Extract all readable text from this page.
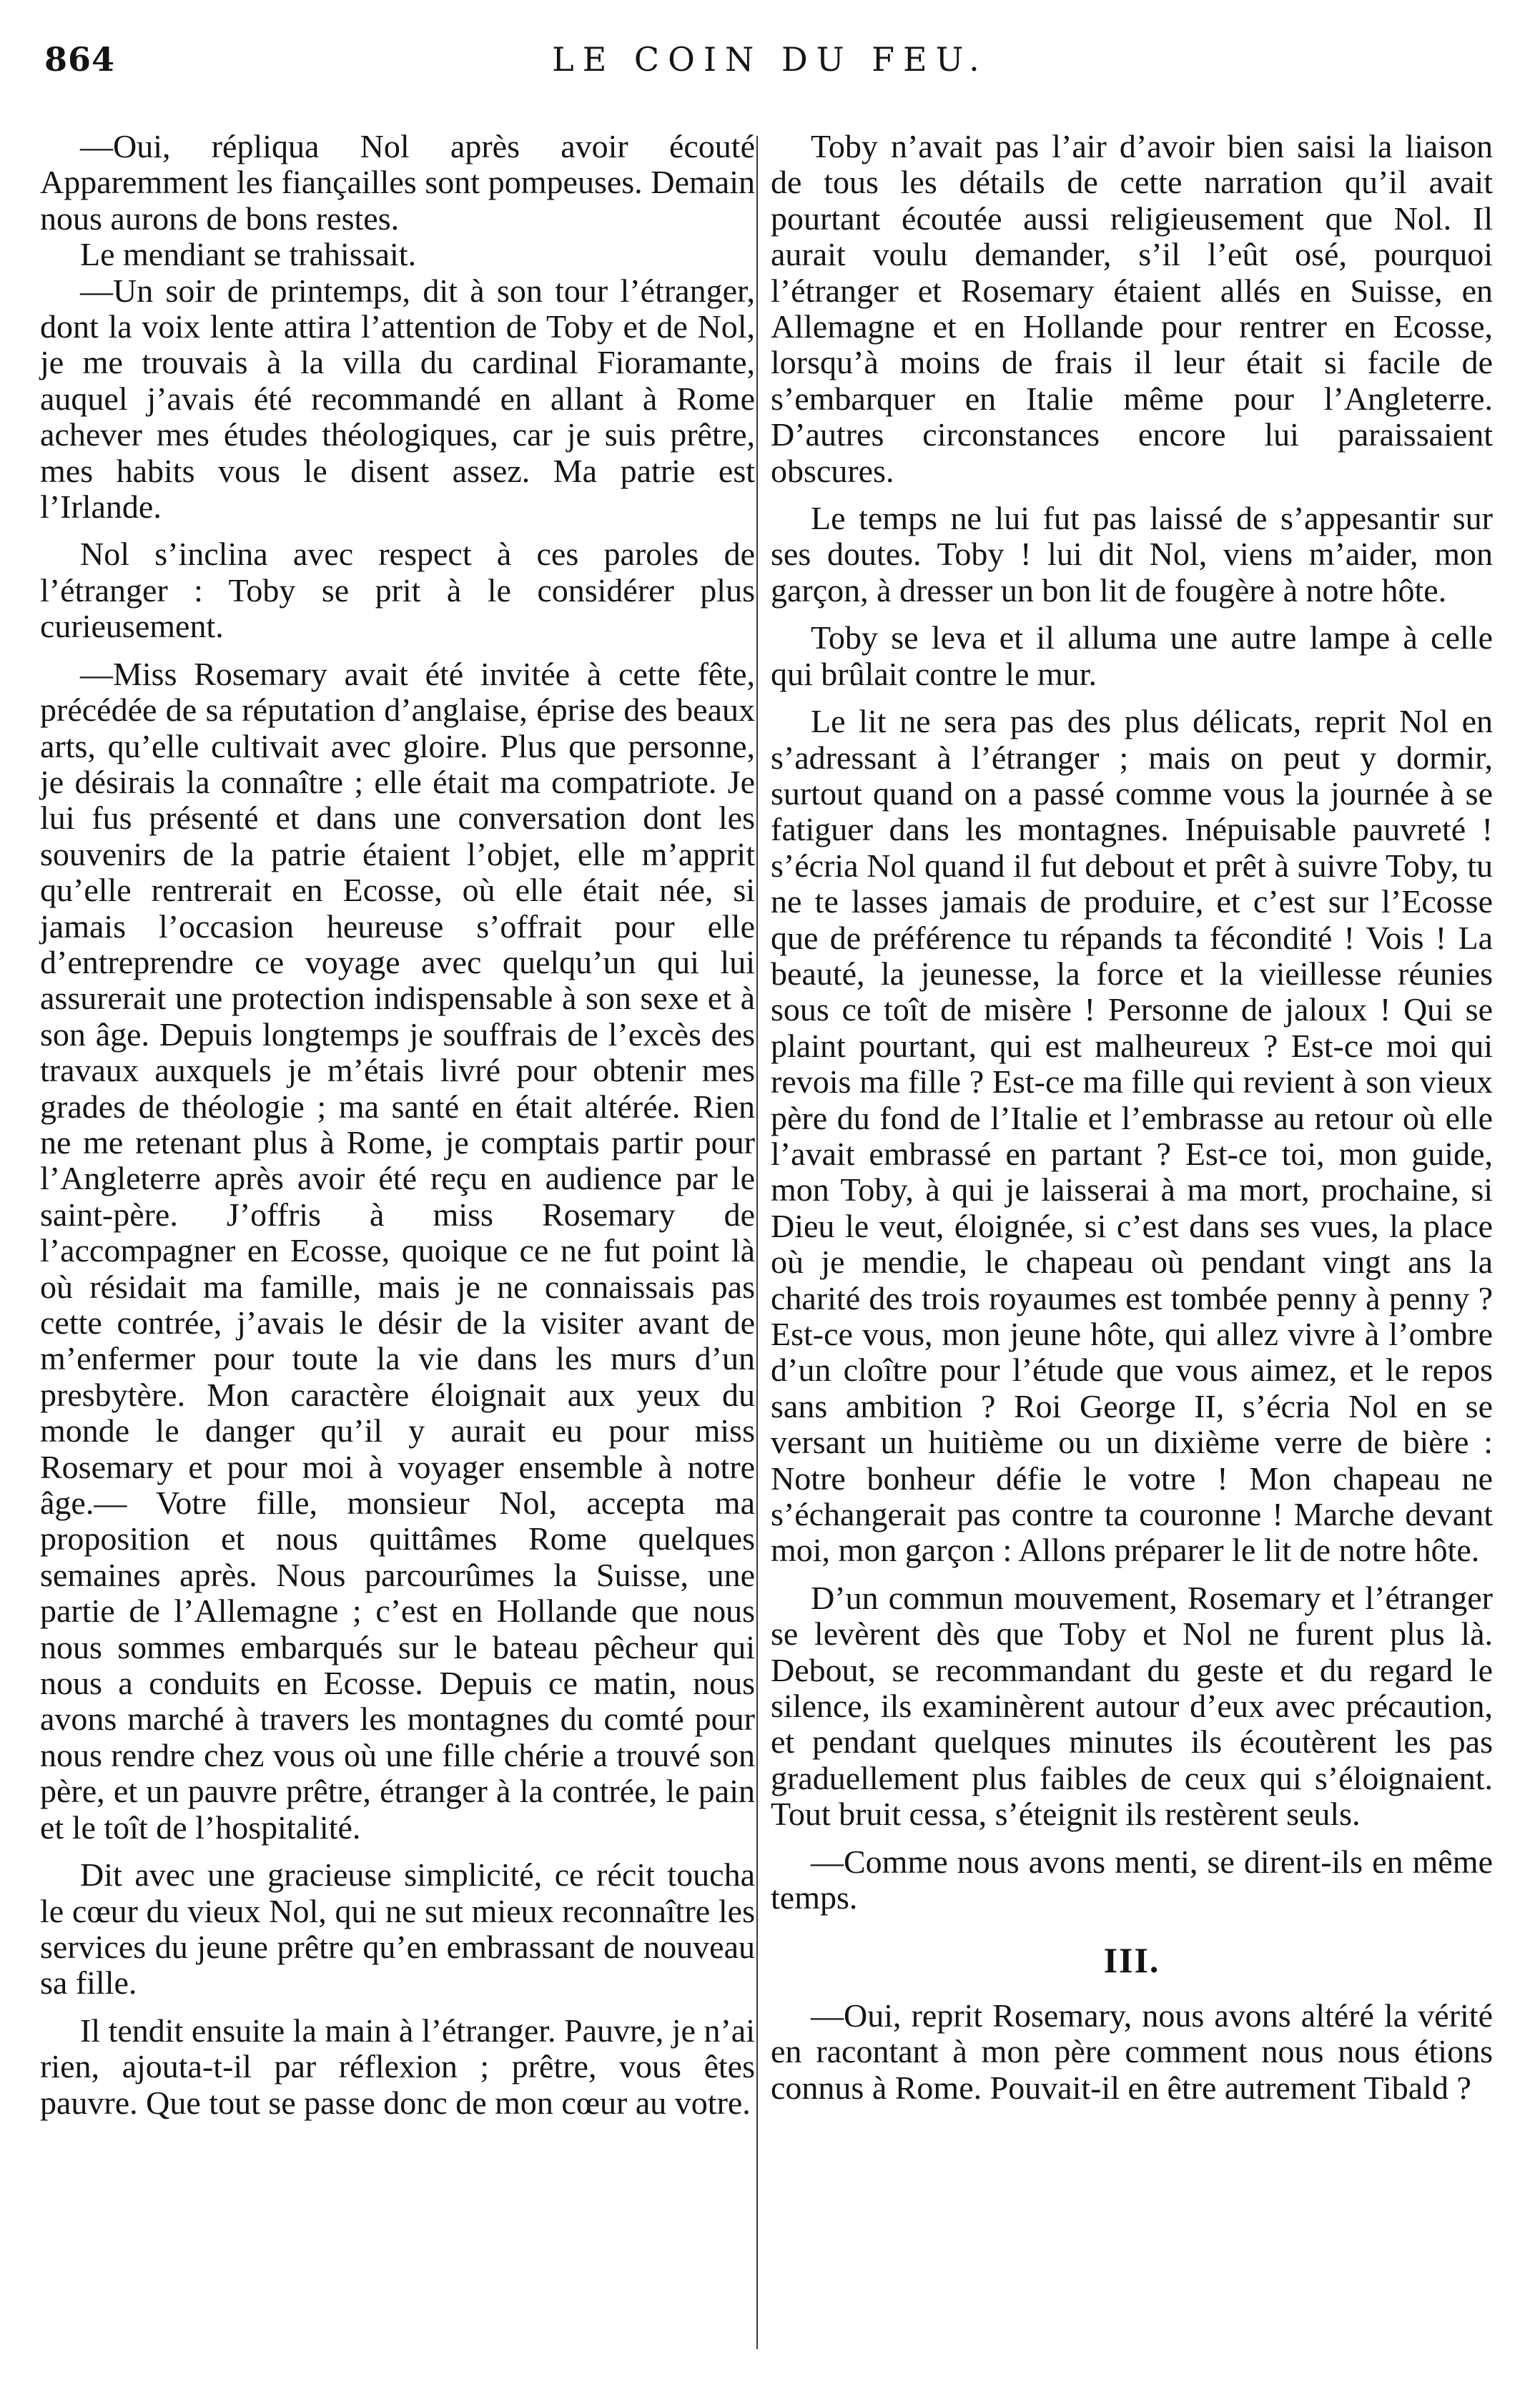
864	LE COIN DU FEU.

—Oui, répliqua Nol après avoir écouté Apparemment les fiançailles sont pompeuses. Demain nous aurons de bons restes.

Le mendiant se trahissait.

—Un soir de printemps, dit à son tour l’étranger, dont la voix lente attira l’attention de Toby et de Nol, je me trouvais à la villa du cardinal Fioramante, auquel j’avais été recommandé en allant à Rome achever mes études théologiques, car je suis prêtre, mes habits vous le disent assez. Ma patrie est l’Irlande.

Nol s’inclina avec respect à ces paroles de l’étranger : Toby se prit à le considérer plus curieusement.

—Miss Rosemary avait été invitée à cette fête, précédée de sa réputation d’anglaise, éprise des beaux arts, qu’elle cultivait avec gloire. Plus que personne, je désirais la connaître ; elle était ma compatriote. Je lui fus présenté et dans une conversation dont les souvenirs de la patrie étaient l’objet, elle m’apprit qu’elle rentrerait en Ecosse, où elle était née, si jamais l’occasion heureuse s’offrait pour elle d’entreprendre ce voyage avec quelqu’un qui lui assurerait une protection indispensable à son sexe et à son âge. Depuis longtemps je souffrais de l’excès des travaux auxquels je m’étais livré pour obtenir mes grades de théologie ; ma santé en était altérée. Rien ne me retenant plus à Rome, je comptais partir pour l’Angleterre après avoir été reçu en audience par le saint-père. J’offris à miss Rosemary de l’accompagner en Ecosse, quoique ce ne fut point là où résidait ma famille, mais je ne connaissais pas cette contrée, j’avais le désir de la visiter avant de m’enfermer pour toute la vie dans les murs d’un presbytère. Mon caractère éloignait aux yeux du monde le danger qu’il y aurait eu pour miss Rosemary et pour moi à voyager ensemble à notre âge.— Votre fille, monsieur Nol, accepta ma proposition et nous quittâmes Rome quelques semaines après. Nous parcourûmes la Suisse, une partie de l’Allemagne ; c’est en Hollande que nous nous sommes embarqués sur le bateau pêcheur qui nous a conduits en Ecosse. Depuis ce matin, nous avons marché à travers les montagnes du comté pour nous rendre chez vous où une fille chérie a trouvé son père, et un pauvre prêtre, étranger à la contrée, le pain et le toît de l’hospitalité.

Dit avec une gracieuse simplicité, ce récit toucha le cœur du vieux Nol, qui ne sut mieux reconnaître les services du jeune prêtre qu’en embrassant de nouveau sa fille.

Il tendit ensuite la main à l’étranger. Pauvre, je n’ai rien, ajouta-t-il par réflexion ; prêtre, vous êtes pauvre. Que tout se passe donc de mon cœur au votre.

Toby n’avait pas l’air d’avoir bien saisi la liaison de tous les détails de cette narration qu’il avait pourtant écoutée aussi religieusement que Nol. Il aurait voulu demander, s’il l’eût osé, pourquoi l’étranger et Rosemary étaient allés en Suisse, en Allemagne et en Hollande pour rentrer en Ecosse, lorsqu’à moins de frais il leur était si facile de s’embarquer en Italie même pour l’Angleterre. D’autres circonstances encore lui paraissaient obscures.

Le temps ne lui fut pas laissé de s’appesantir sur ses doutes. Toby ! lui dit Nol, viens m’aider, mon garçon, à dresser un bon lit de fougère à notre hôte.

Toby se leva et il alluma une autre lampe à celle qui brûlait contre le mur.

Le lit ne sera pas des plus délicats, reprit Nol en s’adressant à l’étranger ; mais on peut y dormir, surtout quand on a passé comme vous la journée à se fatiguer dans les montagnes. Inépuisable pauvreté ! s’écria Nol quand il fut debout et prêt à suivre Toby, tu ne te lasses jamais de produire, et c’est sur l’Ecosse que de préférence tu répands ta fécondité ! Vois ! La beauté, la jeunesse, la force et la vieillesse réunies sous ce toît de misère ! Personne de jaloux ! Qui se plaint pourtant, qui est malheureux ? Est-ce moi qui revois ma fille ? Est-ce ma fille qui revient à son vieux père du fond de l’Italie et l’embrasse au retour où elle l’avait embrassé en partant ? Est-ce toi, mon guide, mon Toby, à qui je laisserai à ma mort, prochaine, si Dieu le veut, éloignée, si c’est dans ses vues, la place où je mendie, le chapeau où pendant vingt ans la charité des trois royaumes est tombée penny à penny ? Est-ce vous, mon jeune hôte, qui allez vivre à l’ombre d’un cloître pour l’étude que vous aimez, et le repos sans ambition ? Roi George II, s’écria Nol en se versant un huitième ou un dixième verre de bière : Notre bonheur défie le votre ! Mon chapeau ne s’échangerait pas contre ta couronne ! Marche devant moi, mon garçon : Allons préparer le lit de notre hôte.

D’un commun mouvement, Rosemary et l’étranger se levèrent dès que Toby et Nol ne furent plus là. Debout, se recommandant du geste et du regard le silence, ils examinèrent autour d’eux avec précaution, et pendant quelques minutes ils écoutèrent les pas graduellement plus faibles de ceux qui s’éloignaient. Tout bruit cessa, s’éteignit ils restèrent seuls.

—Comme nous avons menti, se dirent-ils en même temps.

III.

—Oui, reprit Rosemary, nous avons altéré la vérité en racontant à mon père comment nous nous étions connus à Rome. Pouvait-il en être autrement Tibald ?
